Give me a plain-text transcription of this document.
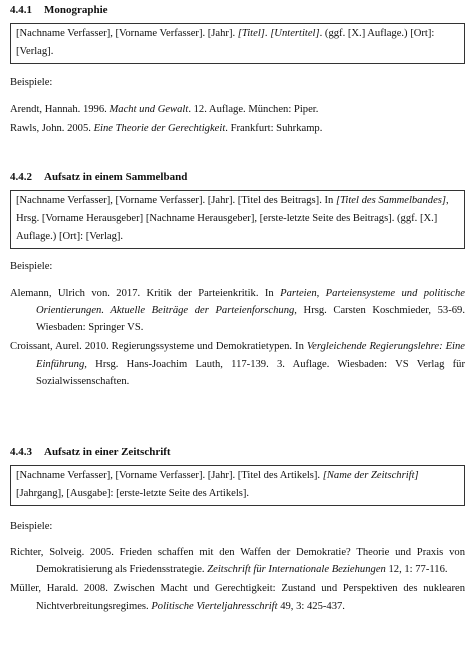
4.4.1 Monographie
[Nachname Verfasser], [Vorname Verfasser]. [Jahr]. [Titel]. [Untertitel]. (ggf. [X.] Auflage.) [Ort]: [Verlag].

Beispiele:

Arendt, Hannah. 1996. Macht und Gewalt. 12. Auflage. München: Piper.

Rawls, John. 2005. Eine Theorie der Gerechtigkeit. Frankfurt: Suhrkamp.

4.4.2 Aufsatz in einem Sammelband
[Nachname Verfasser], [Vorname Verfasser]. [Jahr]. [Titel des Beitrags]. In [Titel des Sammelbandes], Hrsg. [Vorname Herausgeber] [Nachname Herausgeber], [erste-letzte Seite des Beitrags]. (ggf. [X.] Auflage.) [Ort]: [Verlag].

Beispiele:

Alemann, Ulrich von. 2017. Kritik der Parteienkritik. In Parteien, Parteiensysteme und politische Orientierungen. Aktuelle Beiträge der Parteienforschung, Hrsg. Carsten Koschmieder, 53-69. Wiesbaden: Springer VS.

Croissant, Aurel. 2010. Regierungssysteme und Demokratietypen. In Vergleichende Regierungslehre: Eine Einführung, Hrsg. Hans-Joachim Lauth, 117-139. 3. Auflage. Wiesbaden: VS Verlag für Sozialwissenschaften.

4.4.3 Aufsatz in einer Zeitschrift
[Nachname Verfasser], [Vorname Verfasser]. [Jahr]. [Titel des Artikels]. [Name der Zeitschrift] [Jahrgang], [Ausgabe]: [erste-letzte Seite des Artikels].

Beispiele:

Richter, Solveig. 2005. Frieden schaffen mit den Waffen der Demokratie? Theorie und Praxis von Demokratisierung als Friedensstrategie. Zeitschrift für Internationale Beziehungen 12, 1: 77-116.

Müller, Harald. 2008. Zwischen Macht und Gerechtigkeit: Zustand und Perspektiven des nuklearen Nichtverbreitungsregimes. Politische Vierteljahresschrift 49, 3: 425-437.
